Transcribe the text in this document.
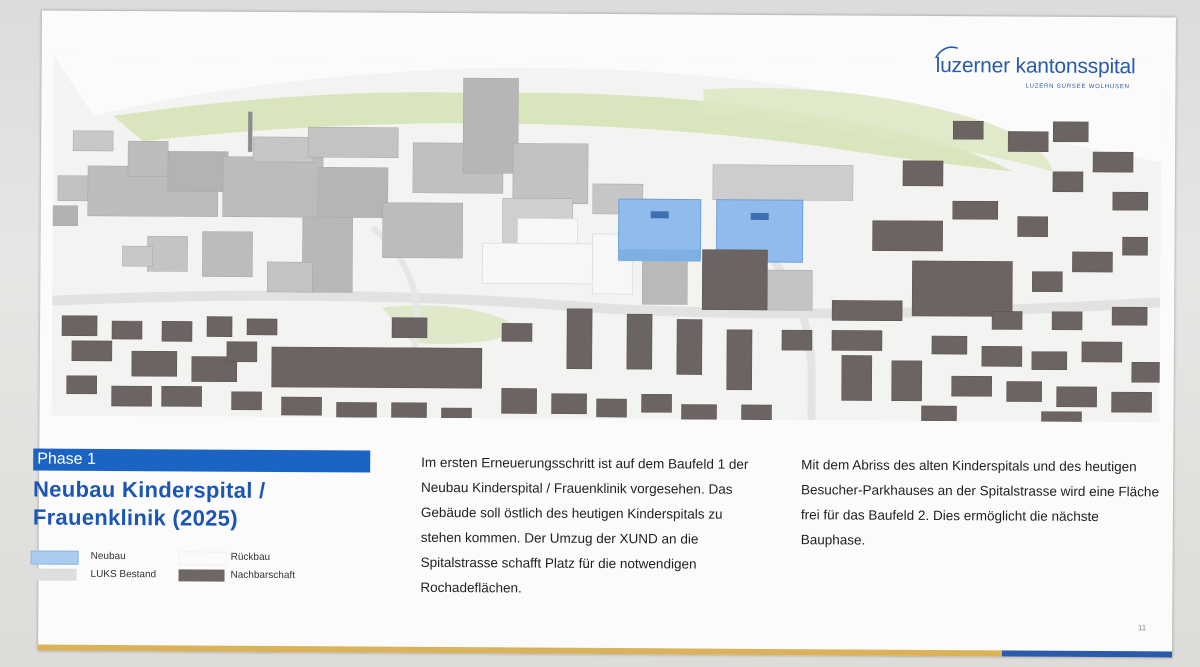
luzerner kantonsspital
LUZERN SURSEE WOLHUSEN
Phase 1
Neubau Kinderspital /
Frauenklinik (2025)
Neubau	Rückbau
LUKS Bestand	Nachbarschaft
Im ersten Erneuerungsschritt ist auf dem Baufeld 1 der Neubau Kinderspital / Frauenklinik vorgesehen. Das Gebäude soll östlich des heutigen Kinderspitals zu stehen kommen. Der Umzug der XUND an die Spitalstrasse schafft Platz für die notwendigen Rochadeflächen.
Mit dem Abriss des alten Kinderspitals und des heutigen Besucher-Parkhauses an der Spitalstrasse wird eine Fläche frei für das Baufeld 2. Dies ermöglicht die nächste Bauphase.
11
